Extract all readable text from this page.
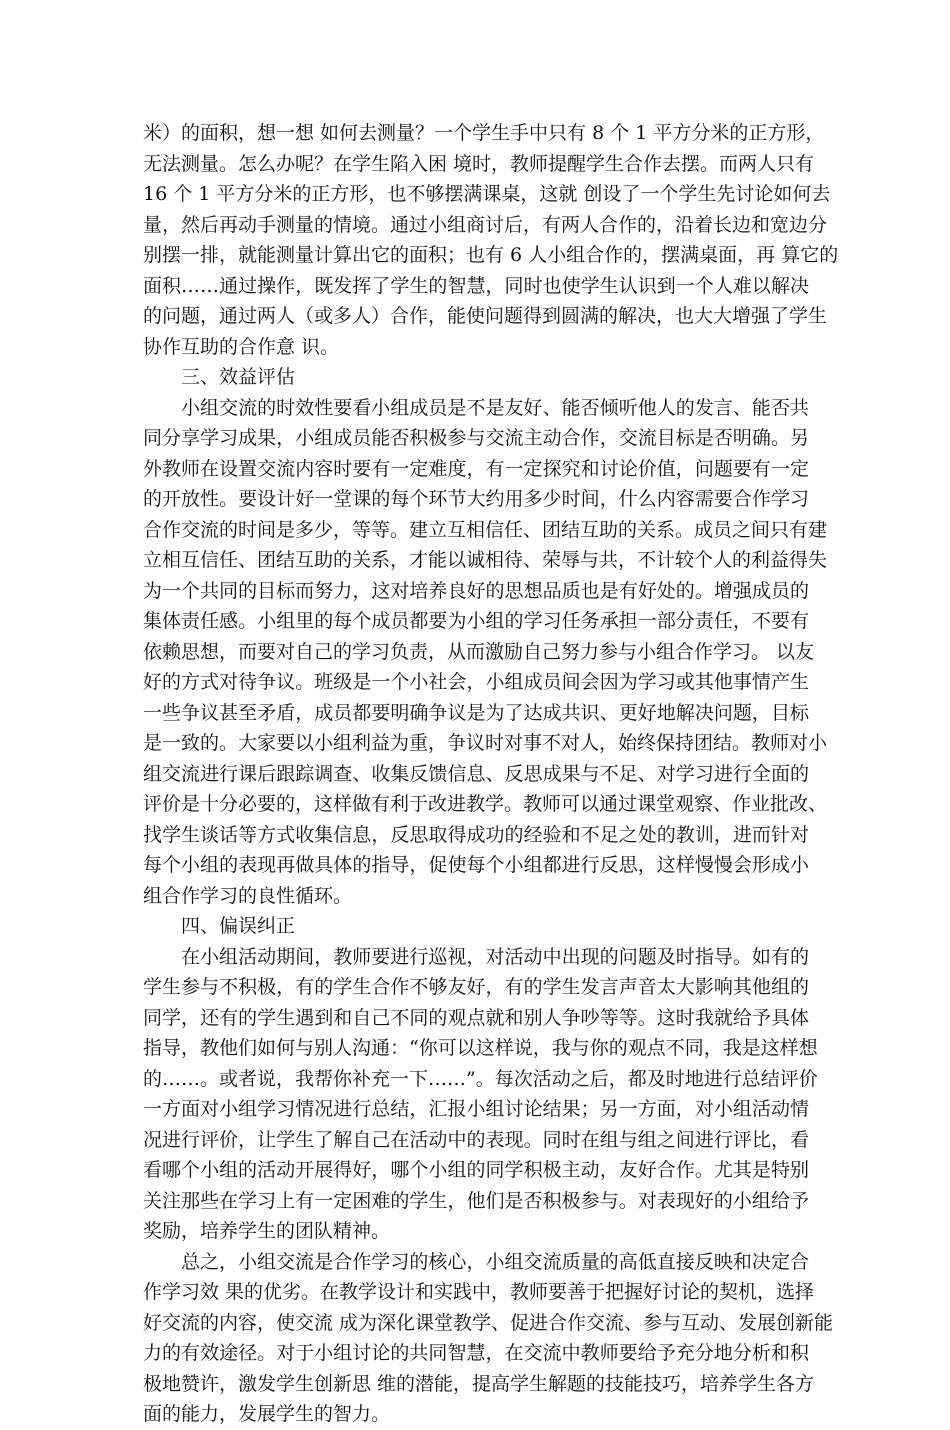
米）的面积，想一想 如何去测量？一个学生手中只有 8 个 1 平方分米的正方形，
无法测量。怎么办呢？在学生陷入困 境时，教师提醒学生合作去摆。而两人只有
16 个 1 平方分米的正方形，也不够摆满课桌，这就 创设了一个学生先讨论如何去
量，然后再动手测量的情境。通过小组商讨后，有两人合作的，沿着长边和宽边分
别摆一排，就能测量计算出它的面积；也有 6 人小组合作的，摆满桌面，再 算它的
面积……通过操作，既发挥了学生的智慧，同时也使学生认识到一个人难以解决
的问题，通过两人（或多人）合作，能使问题得到圆满的解决，也大大增强了学生
协作互助的合作意 识。
三、效益评估
小组交流的时效性要看小组成员是不是友好、能否倾听他人的发言、能否共
同分享学习成果，小组成员能否积极参与交流主动合作，交流目标是否明确。另
外教师在设置交流内容时要有一定难度，有一定探究和讨论价值，问题要有一定
的开放性。要设计好一堂课的每个环节大约用多少时间，什么内容需要合作学习
合作交流的时间是多少，等等。建立互相信任、团结互助的关系。成员之间只有建
立相互信任、团结互助的关系，才能以诚相待、荣辱与共，不计较个人的利益得失
为一个共同的目标而努力，这对培养良好的思想品质也是有好处的。增强成员的
集体责任感。小组里的每个成员都要为小组的学习任务承担一部分责任，不要有
依赖思想，而要对自己的学习负责，从而激励自己努力参与小组合作学习。 以友
好的方式对待争议。班级是一个小社会，小组成员间会因为学习或其他事情产生
一些争议甚至矛盾，成员都要明确争议是为了达成共识、更好地解决问题，目标
是一致的。大家要以小组利益为重，争议时对事不对人，始终保持团结。教师对小
组交流进行课后跟踪调查、收集反馈信息、反思成果与不足、对学习进行全面的
评价是十分必要的，这样做有利于改进教学。教师可以通过课堂观察、作业批改、
找学生谈话等方式收集信息，反思取得成功的经验和不足之处的教训，进而针对
每个小组的表现再做具体的指导，促使每个小组都进行反思，这样慢慢会形成小
组合作学习的良性循环。
四、偏误纠正
在小组活动期间，教师要进行巡视，对活动中出现的问题及时指导。如有的
学生参与不积极，有的学生合作不够友好，有的学生发言声音太大影响其他组的
同学，还有的学生遇到和自己不同的观点就和别人争吵等等。这时我就给予具体
指导，教他们如何与别人沟通：“你可以这样说，我与你的观点不同，我是这样想
的……。或者说，我帮你补充一下……”。每次活动之后，都及时地进行总结评价
一方面对小组学习情况进行总结，汇报小组讨论结果；另一方面，对小组活动情
况进行评价，让学生了解自己在活动中的表现。同时在组与组之间进行评比，看
看哪个小组的活动开展得好，哪个小组的同学积极主动，友好合作。尤其是特别
关注那些在学习上有一定困难的学生，他们是否积极参与。对表现好的小组给予
奖励，培养学生的团队精神。
总之，小组交流是合作学习的核心，小组交流质量的高低直接反映和决定合
作学习效 果的优劣。在教学设计和实践中，教师要善于把握好讨论的契机，选择
好交流的内容，使交流 成为深化课堂教学、促进合作交流、参与互动、发展创新能
力的有效途径。对于小组讨论的共同智慧，在交流中教师要给予充分地分析和积
极地赞许，激发学生创新思 维的潜能，提高学生解题的技能技巧，培养学生各方
面的能力，发展学生的智力。
